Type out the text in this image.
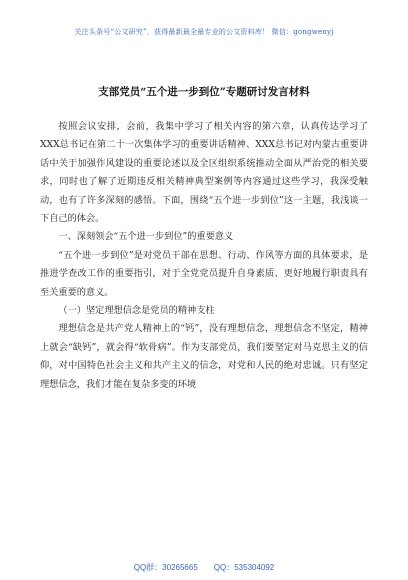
关注头条号“公文研究”，获得最新最全最专业的公文资料库！ 微信：gongwenyj
支部党员“五个进一步到位”专题研讨发言材料

按照会议安排，会前，我集中学习了相关内容的第六章，认真传达学习了XXX总书记在第二十一次集体学习的重要讲话精神、XXX总书记对内蒙古重要讲话中关于加强作风建设的重要论述以及全区组织系统推动全面从严治党的相关要求，同时也了解了近期违反相关精神典型案例等内容通过这些学习，我深受触动，也有了许多深刻的感悟。下面，围绕“五个进一步到位”这一主题，我浅谈一下自己的体会。

一、深刻领会“五个进一步到位”的重要意义

“五个进一步到位”是对党员干部在思想、行动、作风等方面的具体要求，是推进学查改工作的重要指引，对于全党党员提升自身素质、更好地履行职责具有至关重要的意义。

（一）坚定理想信念是党员的精神支柱

理想信念是共产党人精神上的“钙”，没有理想信念，理想信念不坚定，精神上就会“缺钙”，就会得“软骨病”。作为支部党员，我们要坚定对马克思主义的信仰，对中国特色社会主义和共产主义的信念，对党和人民的绝对忠诚。只有坚定理想信念，我们才能在复杂多变的环境

QQ群：30265665　　QQ：535304092
